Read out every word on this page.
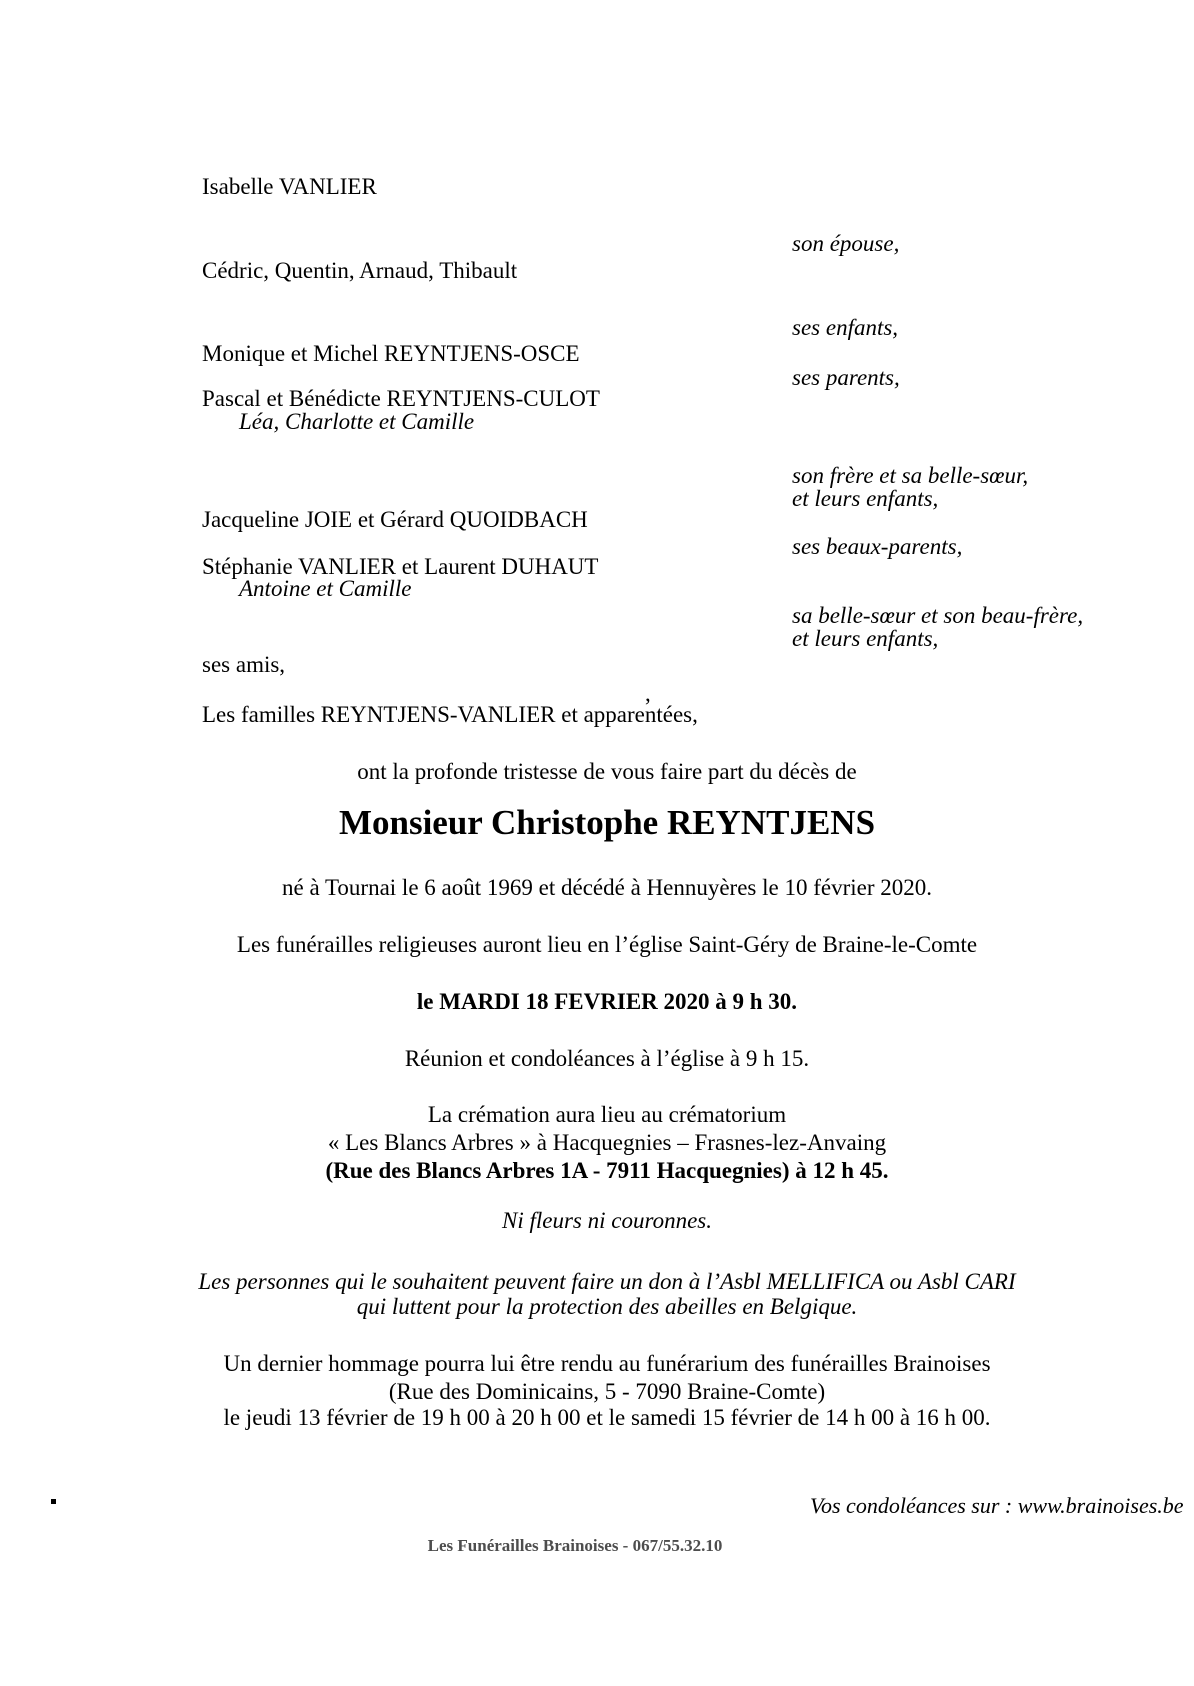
Isabelle VANLIER
Cédric, Quentin, Arnaud, Thibault
Monique et Michel REYNTJENS-OSCE
Pascal et Bénédicte REYNTJENS-CULOT
Léa, Charlotte et Camille
Jacqueline JOIE et Gérard QUOIDBACH
Stéphanie VANLIER et Laurent DUHAUT
Antoine et Camille
ses amis,
,
Les familles REYNTJENS-VANLIER et apparentées,
son épouse,
ses enfants,
ses parents,
son frère et sa belle-sœur,
et leurs enfants,
ses beaux-parents,
sa belle-sœur et son beau-frère,
et leurs enfants,
ont la profonde tristesse de vous faire part du décès de
Monsieur Christophe REYNTJENS
né à Tournai le 6 août 1969 et décédé à Hennuyères le 10 février 2020.
Les funérailles religieuses auront lieu en l’église Saint-Géry de Braine-le-Comte
le MARDI 18 FEVRIER 2020 à 9 h 30.
Réunion et condoléances à l’église à 9 h 15.
La crémation aura lieu au crématorium
« Les Blancs Arbres » à Hacquegnies – Frasnes-lez-Anvaing
(Rue des Blancs Arbres 1A - 7911 Hacquegnies) à 12 h 45.
Ni fleurs ni couronnes.
Les personnes qui le souhaitent peuvent faire un don à l’Asbl MELLIFICA ou Asbl CARI
qui luttent pour la protection des abeilles en Belgique.
Un dernier hommage pourra lui être rendu au funérarium des funérailles Brainoises
(Rue des Dominicains, 5 - 7090 Braine-Comte)
le jeudi 13 février de 19 h 00 à 20 h 00 et le samedi 15 février de 14 h 00 à 16 h 00.
Vos condoléances sur : www.brainoises.be
Les Funérailles Brainoises - 067/55.32.10
